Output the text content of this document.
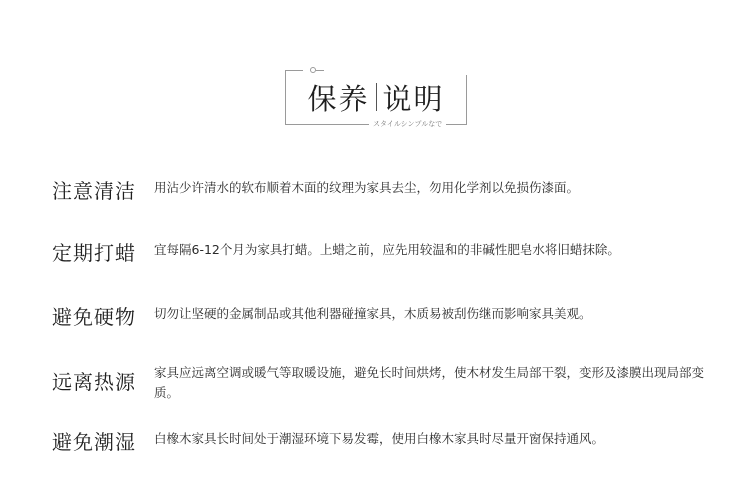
保养 说明
スタイルシンプルなで
注意清洁 用沾少许清水的软布顺着木面的纹理为家具去尘，勿用化学剂以免损伤漆面。
定期打蜡 宜每隔6-12个月为家具打蜡。上蜡之前，应先用较温和的非碱性肥皂水将旧蜡抹除。
避免硬物 切勿让坚硬的金属制品或其他利器碰撞家具，木质易被刮伤继而影响家具美观。
远离热源 家具应远离空调或暖气等取暖设施，避免长时间烘烤，使木材发生局部干裂，变形及漆膜出现局部变质。
避免潮湿 白橡木家具长时间处于潮湿环境下易发霉，使用白橡木家具时尽量开窗保持通风。
